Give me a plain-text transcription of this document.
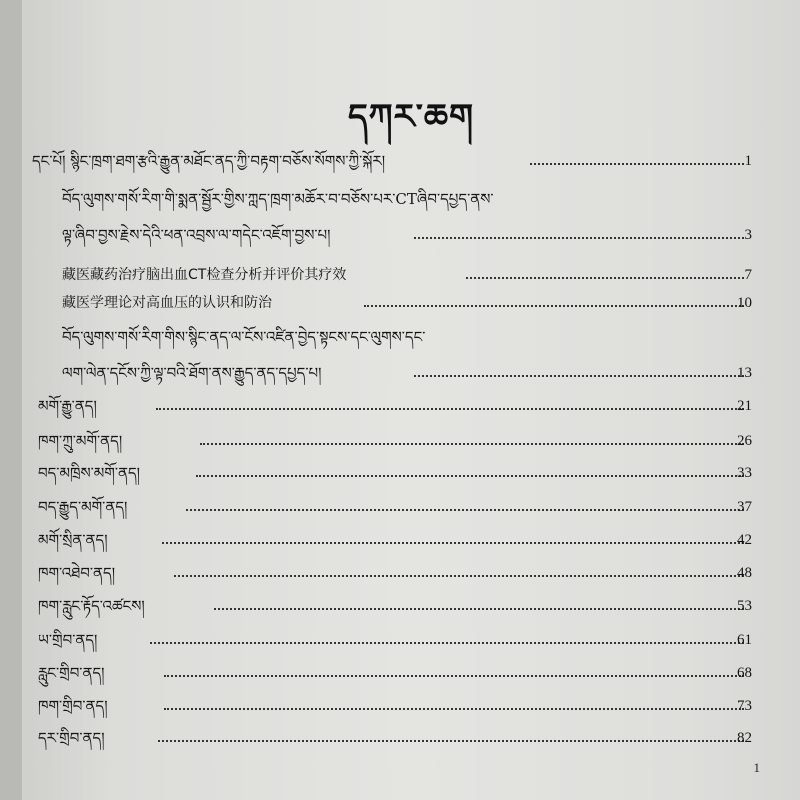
དཀར་ཆག
དང་པོ། སྙིང་ཁྲག་ཐག་རྩའི་རྒྱུན་མཐོང་ནད་ཀྱི་བརྟག་བཅོས་སོགས་ཀྱི་སྐོར།	1
བོད་ལུགས་གསོ་རིག་གི་སྨན་སྦྱོར་གྱིས་ཀླད་ཁྲག་མཆོར་བ་བཅོས་པར་CTཞིབ་དཔྱད་ནས་
ལྟ་ཞིབ་བྱས་རྗེས་དེའི་ཕན་འབྲས་ལ་གདེང་འཇོག་བྱས་པ།	3
藏医藏药治疗脑出血CT检查分析并评价其疗效	7
藏医学理论对高血压的认识和防治	10
བོད་ལུགས་གསོ་རིག་གིས་སྙིང་ནད་ལ་ངོས་འཛིན་བྱེད་སྟངས་དང་ལུགས་དང་
ལག་ལེན་དངོས་ཀྱི་ལྟ་བའི་ཐོག་ནས་རྒྱུད་ནད་དཔྱད་པ།	13
མགོ་རྒྱུ་ནད།	21
ཁག་ཀྲུ་མགོ་ནད།	26
བད་མཁྲིས་མགོ་ནད།	33
བད་རྒྱུད་མགོ་ནད།	37
མགོ་སྲིན་ནད།	42
ཁག་འཐེབ་ནད།	48
ཁག་རླུང་རྟོད་འཚངས།	53
ཡ་གྲིབ་ནད།	61
རླུང་གྲིབ་ནད།	68
ཁག་གྲིབ་ནད།	73
དར་གྲིབ་ནད།	82
1
